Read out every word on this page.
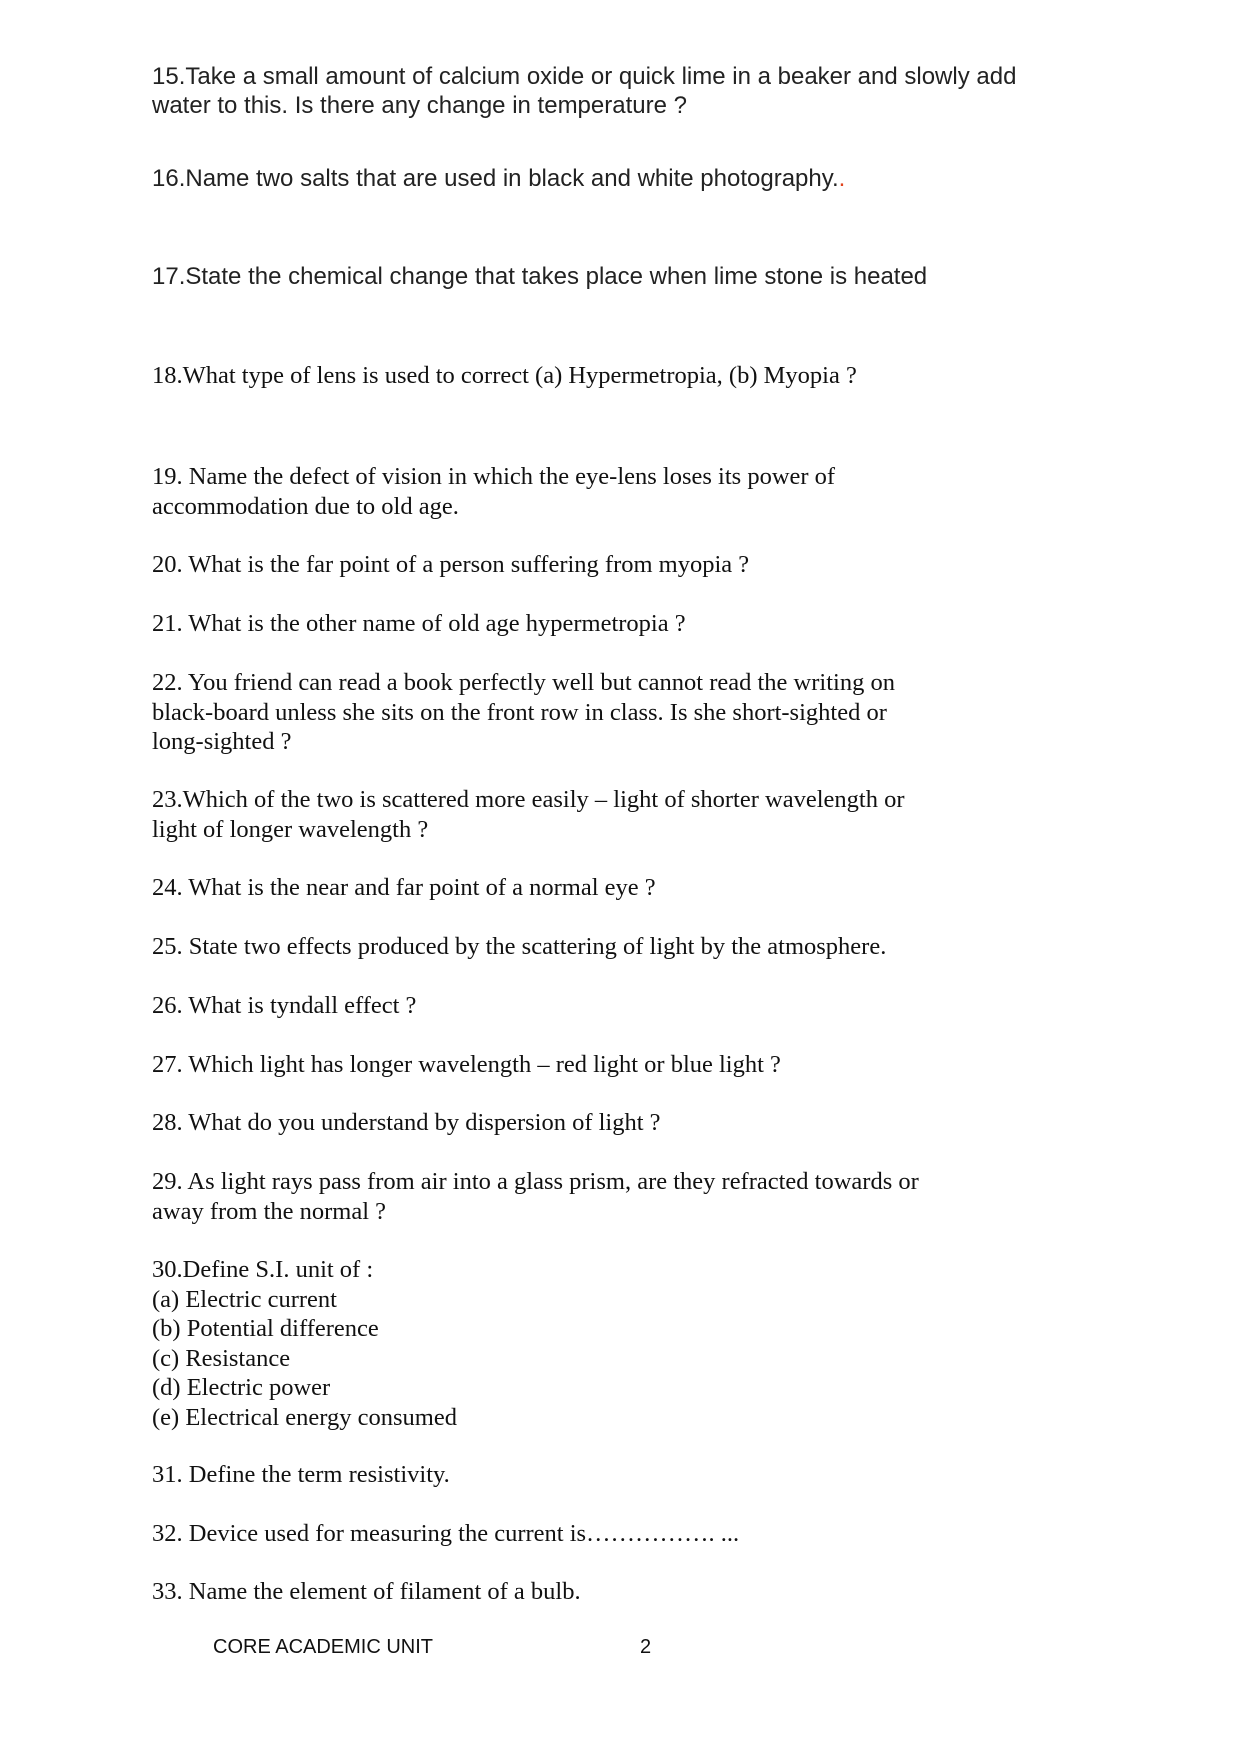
15.Take a small amount of calcium oxide or quick lime in a beaker and slowly add
water to this. Is there any change in temperature ?

16.Name two salts that are used in black and white photography..

17.State the chemical change that takes place when lime stone is heated

18.What type of lens is used to correct (a) Hypermetropia, (b) Myopia ?

19. Name the defect of vision in which the eye-lens loses its power of
accommodation due to old age.

20. What is the far point of a person suffering from myopia ?

21. What is the other name of old age hypermetropia ?

22. You friend can read a book perfectly well but cannot read the writing on
black-board unless she sits on the front row in class. Is she short-sighted or
long-sighted ?

23.Which of the two is scattered more easily – light of shorter wavelength or
light of longer wavelength ?

24. What is the near and far point of a normal eye ?

25. State two effects produced by the scattering of light by the atmosphere.

26. What is tyndall effect ?

27. Which light has longer wavelength – red light or blue light ?

28. What do you understand by dispersion of light ?

29. As light rays pass from air into a glass prism, are they refracted towards or
away from the normal ?

30.Define S.I. unit of :
(a) Electric current
(b) Potential difference
(c) Resistance
(d) Electric power
(e) Electrical energy consumed

31. Define the term resistivity.

32. Device used for measuring the current is……………. ...

33. Name the element of filament of a bulb.

CORE ACADEMIC UNIT	2
